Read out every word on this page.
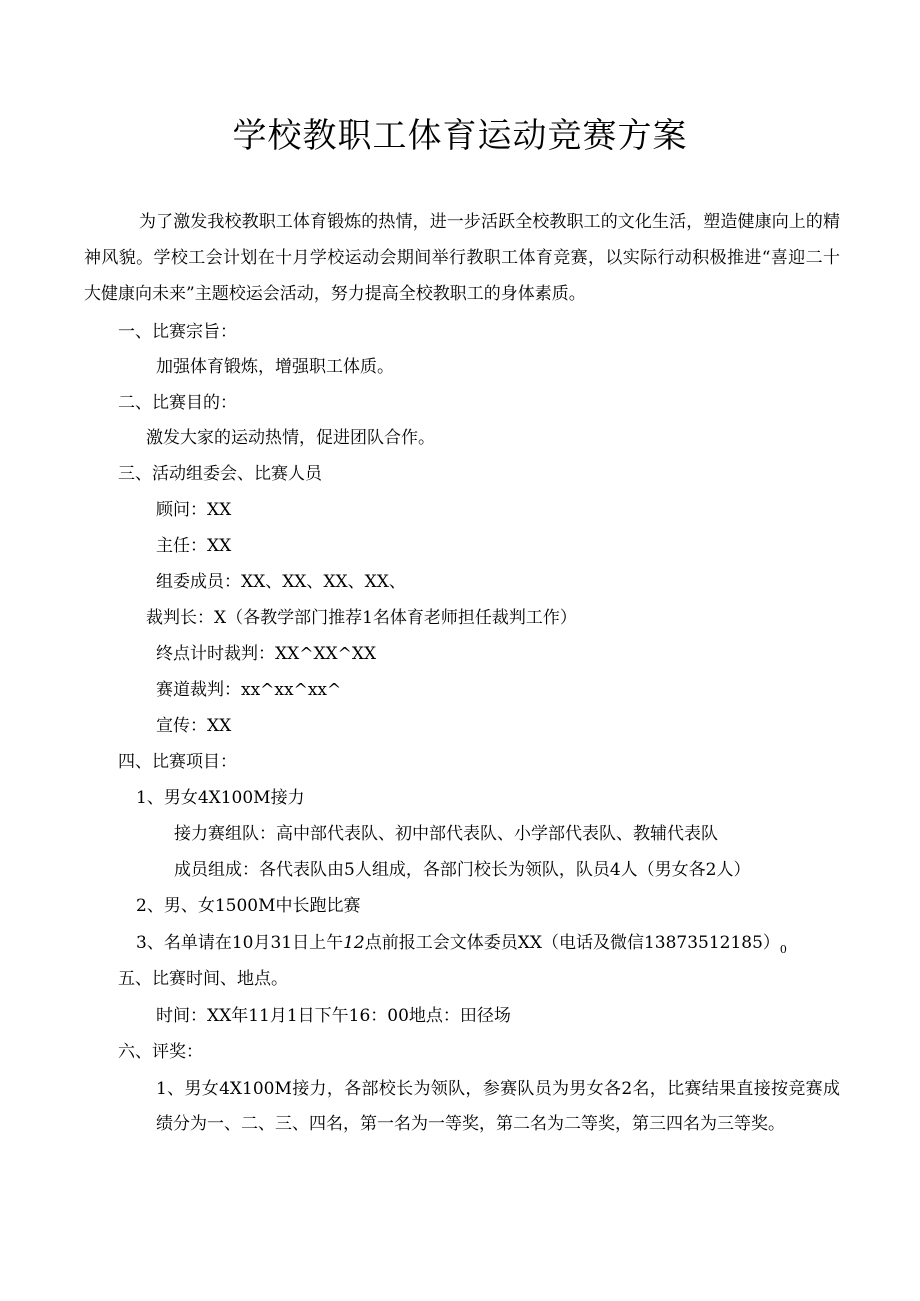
学校教职工体育运动竞赛方案
为了激发我校教职工体育锻炼的热情，进一步活跃全校教职工的文化生活，塑造健康向上的精神风貌。学校工会计划在十月学校运动会期间举行教职工体育竞赛，以实际行动积极推进“喜迎二十大健康向未来”主题校运会活动，努力提高全校教职工的身体素质。
一、比赛宗旨：
加强体育锻炼，增强职工体质。
二、比赛目的：
激发大家的运动热情，促进团队合作。
三、活动组委会、比赛人员
顾问：XX
主任：XX
组委成员：XX、XX、XX、XX、
裁判长：X（各教学部门推荐1名体育老师担任裁判工作）
终点计时裁判：XX^XX^XX
赛道裁判：xx^xx^xx^
宣传：XX
四、比赛项目：
1、男女4X100M接力
接力赛组队：高中部代表队、初中部代表队、小学部代表队、教辅代表队
成员组成：各代表队由5人组成，各部门校长为领队，队员4人（男女各2人）
2、男、女1500M中长跑比赛
3、名单请在10月31日上午12点前报工会文体委员XX（电话及微信$13873512185)_0$
五、比赛时间、地点。
时间：XX年11月1日下午16：00地点：田径场
六、评奖：
1、男女4X100M接力，各部校长为领队，参赛队员为男女各2名，比赛结果直接按竞赛成绩分为一、二、三、四名，第一名为一等奖，第二名为二等奖，第三四名为三等奖。
